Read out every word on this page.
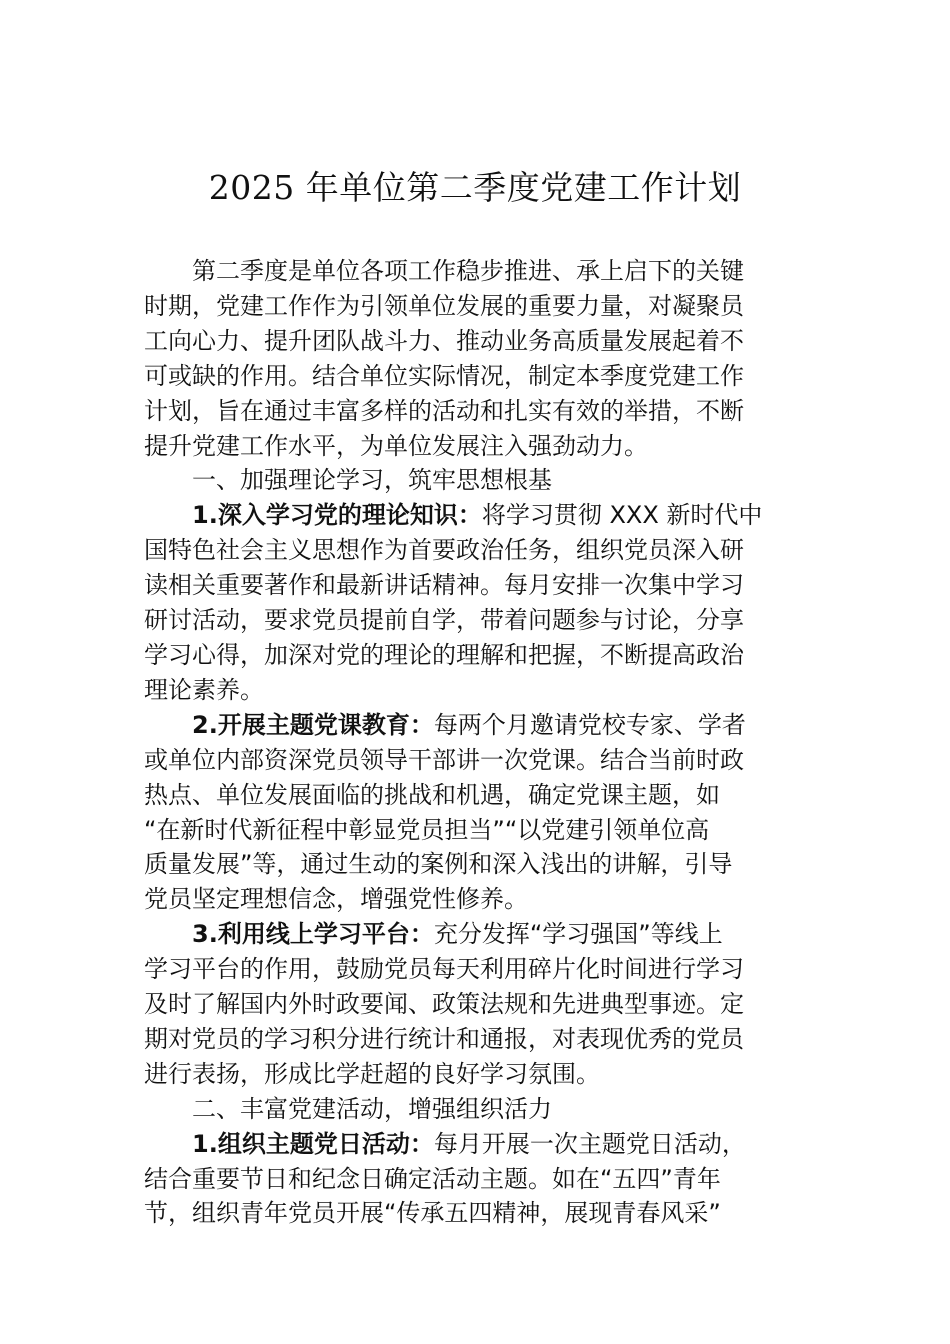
2025 年单位第二季度党建工作计划
第二季度是单位各项工作稳步推进、承上启下的关键
时期，党建工作作为引领单位发展的重要力量，对凝聚员
工向心力、提升团队战斗力、推动业务高质量发展起着不
可或缺的作用。结合单位实际情况，制定本季度党建工作
计划，旨在通过丰富多样的活动和扎实有效的举措，不断
提升党建工作水平，为单位发展注入强劲动力。
一、加强理论学习，筑牢思想根基
1.深入学习党的理论知识：将学习贯彻 XXX 新时代中
国特色社会主义思想作为首要政治任务，组织党员深入研
读相关重要著作和最新讲话精神。每月安排一次集中学习
研讨活动，要求党员提前自学，带着问题参与讨论，分享
学习心得，加深对党的理论的理解和把握，不断提高政治
理论素养。
2.开展主题党课教育：每两个月邀请党校专家、学者
或单位内部资深党员领导干部讲一次党课。结合当前时政
热点、单位发展面临的挑战和机遇，确定党课主题，如
“在新时代新征程中彰显党员担当”“以党建引领单位高
质量发展”等，通过生动的案例和深入浅出的讲解，引导
党员坚定理想信念，增强党性修养。
3.利用线上学习平台：充分发挥“学习强国”等线上
学习平台的作用，鼓励党员每天利用碎片化时间进行学习
及时了解国内外时政要闻、政策法规和先进典型事迹。定
期对党员的学习积分进行统计和通报，对表现优秀的党员
进行表扬，形成比学赶超的良好学习氛围。
二、丰富党建活动，增强组织活力
1.组织主题党日活动：每月开展一次主题党日活动，
结合重要节日和纪念日确定活动主题。如在“五四”青年
节，组织青年党员开展“传承五四精神，展现青春风采”
